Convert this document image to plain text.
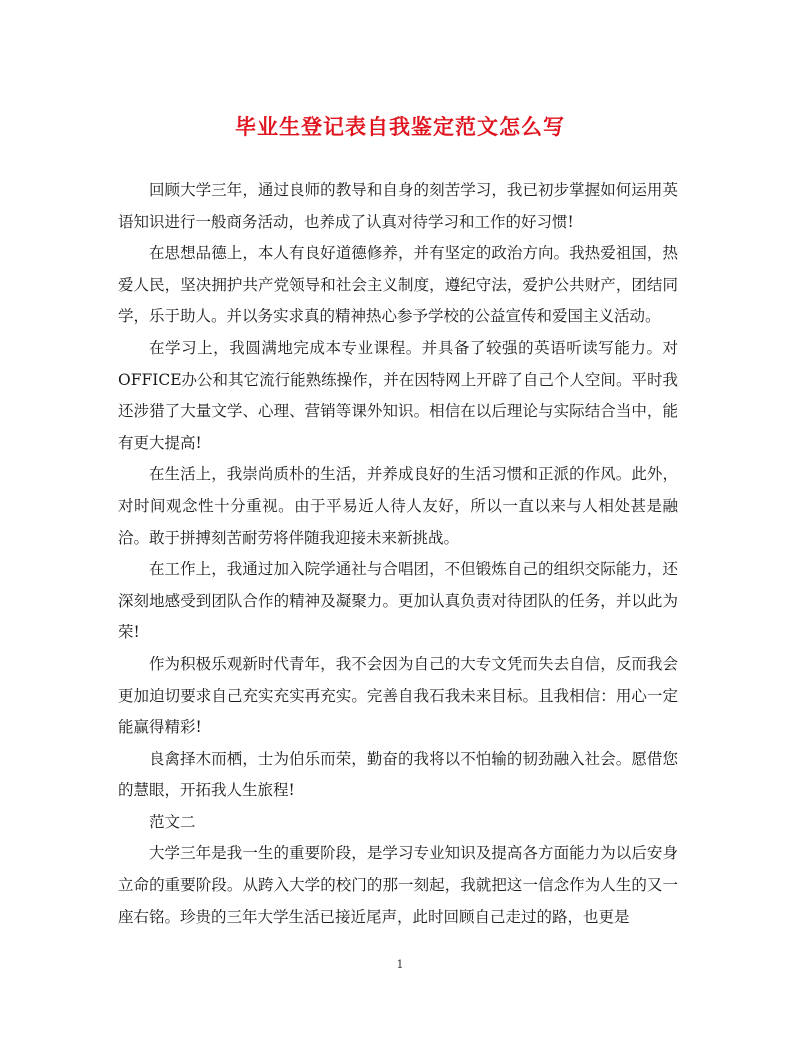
毕业生登记表自我鉴定范文怎么写

回顾大学三年，通过良师的教导和自身的刻苦学习，我已初步掌握如何运用英语知识进行一般商务活动，也养成了认真对待学习和工作的好习惯!

在思想品德上，本人有良好道德修养，并有坚定的政治方向。我热爱祖国，热爱人民，坚决拥护共产党领导和社会主义制度，遵纪守法，爱护公共财产，团结同学，乐于助人。并以务实求真的精神热心参予学校的公益宣传和爱国主义活动。

在学习上，我圆满地完成本专业课程。并具备了较强的英语听读写能力。对OFFICE办公和其它流行能熟练操作，并在因特网上开辟了自己个人空间。平时我还涉猎了大量文学、心理、营销等课外知识。相信在以后理论与实际结合当中，能有更大提高!

在生活上，我崇尚质朴的生活，并养成良好的生活习惯和正派的作风。此外，对时间观念性十分重视。由于平易近人待人友好，所以一直以来与人相处甚是融洽。敢于拼搏刻苦耐劳将伴随我迎接未来新挑战。

在工作上，我通过加入院学通社与合唱团，不但锻炼自己的组织交际能力，还深刻地感受到团队合作的精神及凝聚力。更加认真负责对待团队的任务，并以此为荣!

作为积极乐观新时代青年，我不会因为自己的大专文凭而失去自信，反而我会更加迫切要求自己充实充实再充实。完善自我石我未来目标。且我相信：用心一定能赢得精彩!

良禽择木而栖，士为伯乐而荣，勤奋的我将以不怕输的韧劲融入社会。愿借您的慧眼，开拓我人生旅程!

范文二

大学三年是我一生的重要阶段，是学习专业知识及提高各方面能力为以后安身立命的重要阶段。从跨入大学的校门的那一刻起，我就把这一信念作为人生的又一座右铭。珍贵的三年大学生活已接近尾声，此时回顾自己走过的路，也更是

1
